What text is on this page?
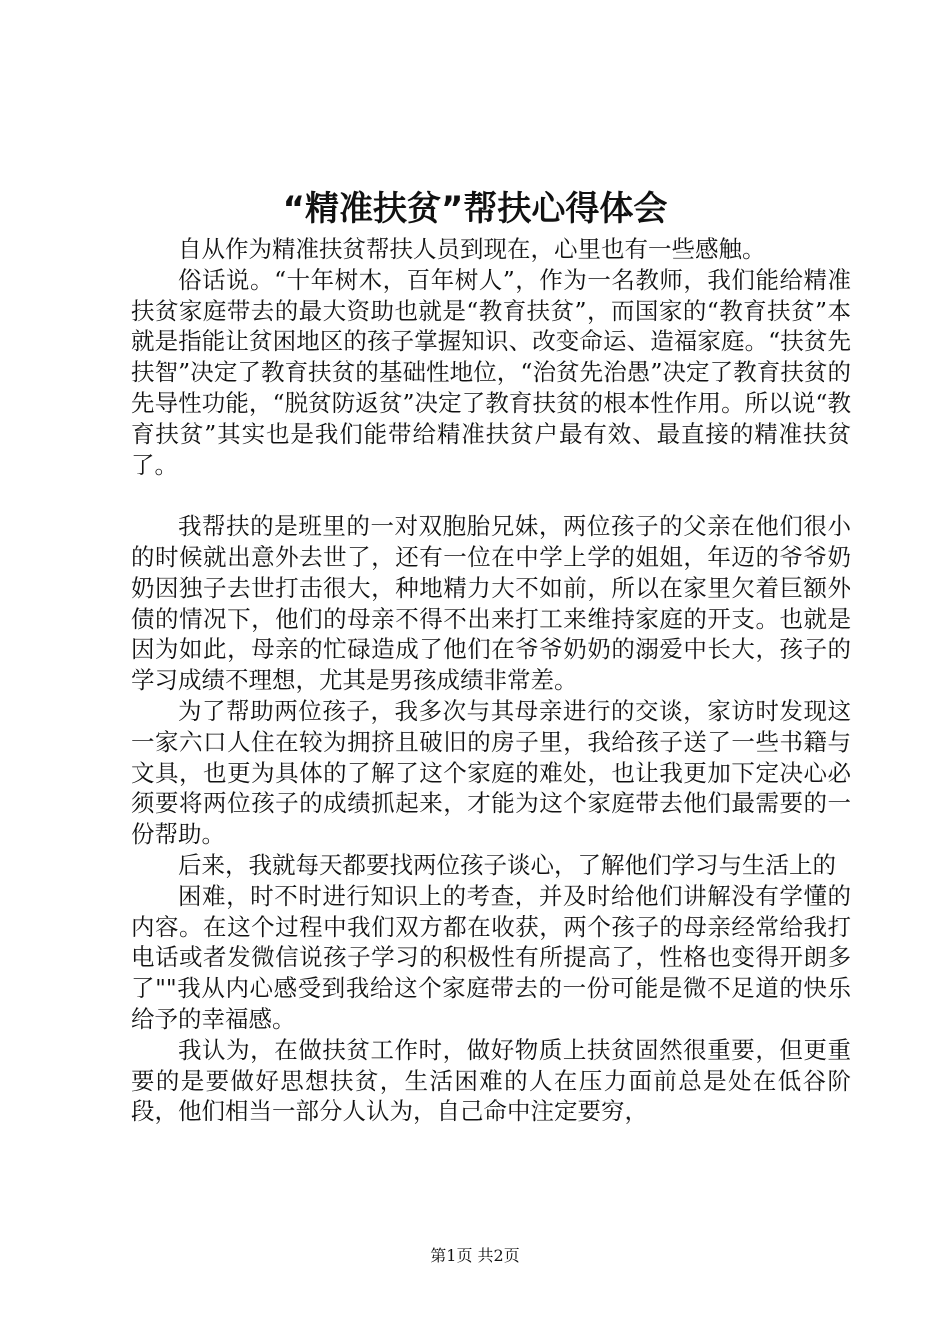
“精准扶贫”帮扶心得体会

自从作为精准扶贫帮扶人员到现在，心里也有一些感触。

俗话说。“十年树木，百年树人”，作为一名教师，我们能给精准扶贫家庭带去的最大资助也就是“教育扶贫”，而国家的“教育扶贫”本就是指能让贫困地区的孩子掌握知识、改变命运、造福家庭。“扶贫先扶智”决定了教育扶贫的基础性地位，“治贫先治愚”决定了教育扶贫的先导性功能，“脱贫防返贫”决定了教育扶贫的根本性作用。所以说“教育扶贫”其实也是我们能带给精准扶贫户最有效、最直接的精准扶贫了。

我帮扶的是班里的一对双胞胎兄妹，两位孩子的父亲在他们很小的时候就出意外去世了，还有一位在中学上学的姐姐，年迈的爷爷奶奶因独子去世打击很大，种地精力大不如前，所以在家里欠着巨额外债的情况下，他们的母亲不得不出来打工来维持家庭的开支。也就是因为如此，母亲的忙碌造成了他们在爷爷奶奶的溺爱中长大，孩子的学习成绩不理想，尤其是男孩成绩非常差。

为了帮助两位孩子，我多次与其母亲进行的交谈，家访时发现这一家六口人住在较为拥挤且破旧的房子里，我给孩子送了一些书籍与文具，也更为具体的了解了这个家庭的难处，也让我更加下定决心必须要将两位孩子的成绩抓起来，才能为这个家庭带去他们最需要的一份帮助。

后来，我就每天都要找两位孩子谈心，了解他们学习与生活上的

困难，时不时进行知识上的考查，并及时给他们讲解没有学懂的内容。在这个过程中我们双方都在收获，两个孩子的母亲经常给我打电话或者发微信说孩子学习的积极性有所提高了，性格也变得开朗多了""我从内心感受到我给这个家庭带去的一份可能是微不足道的快乐给予的幸福感。

我认为，在做扶贫工作时，做好物质上扶贫固然很重要，但更重要的是要做好思想扶贫，生活困难的人在压力面前总是处在低谷阶段，他们相当一部分人认为，自己命中注定要穷，

第1页 共2页
